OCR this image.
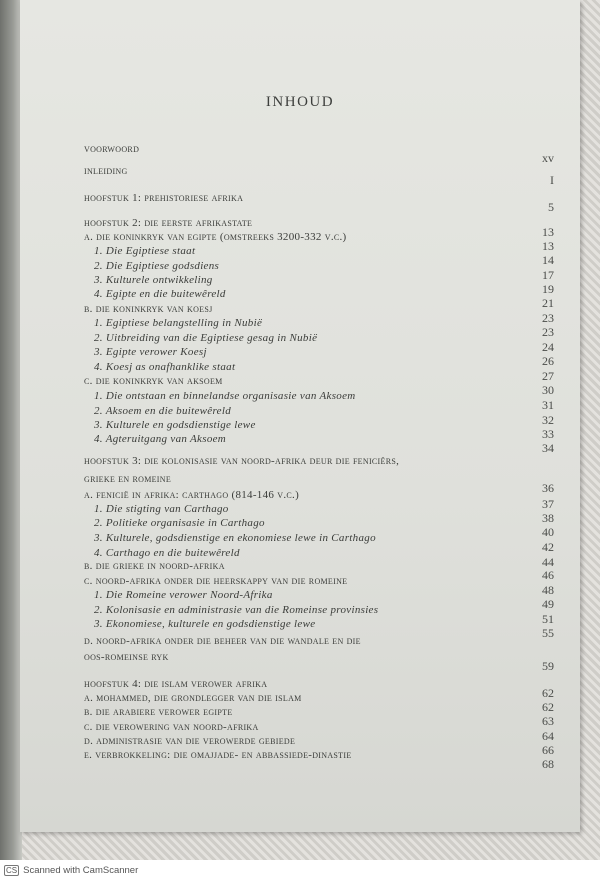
INHOUD
voorwoord
xv
inleiding
I
hoofstuk 1: prehistoriese afrika
5
hoofstuk 2: die eerste afrikastate
13
a. die koninkryk van egipte (omstreeks 3200-332 v.c.)
13
1. Die Egiptiese staat
14
2. Die Egiptiese godsdiens
17
3. Kulturele ontwikkeling
19
4. Egipte en die buitewêreld
21
b. die koninkryk van koesj
23
1. Egiptiese belangstelling in Nubië
23
2. Uitbreiding van die Egiptiese gesag in Nubië
24
3. Egipte verower Koesj
26
4. Koesj as onafhanklike staat
27
c. die koninkryk van aksoem
30
1. Die ontstaan en binnelandse organisasie van Aksoem
31
2. Aksoem en die buitewêreld
32
3. Kulturele en godsdienstige lewe
33
4. Agteruitgang van Aksoem
34
hoofstuk 3: die kolonisasie van noord-afrika deur die feniciërs,
grieke en romeine
36
a. fenicië in afrika: carthago (814-146 v.c.)
37
1. Die stigting van Carthago
38
2. Politieke organisasie in Carthago
40
3. Kulturele, godsdienstige en ekonomiese lewe in Carthago
42
4. Carthago en die buitewêreld
44
b. die grieke in noord-afrika
46
c. noord-afrika onder die heerskappy van die romeine
48
1. Die Romeine verower Noord-Afrika
49
2. Kolonisasie en administrasie van die Romeinse provinsies
51
3. Ekonomiese, kulturele en godsdienstige lewe
55
d. noord-afrika onder die beheer van die wandale en die
oos-romeinse ryk
59
hoofstuk 4: die islam verower afrika
62
a. mohammed, die grondlegger van die islam
62
b. die arabiere verower egipte
63
c. die verowering van noord-afrika
64
d. administrasie van die verowerde gebiede
66
e. verbrokkeling: die omajjade- en abbassiede-dinastie
68
CS Scanned with CamScanner
